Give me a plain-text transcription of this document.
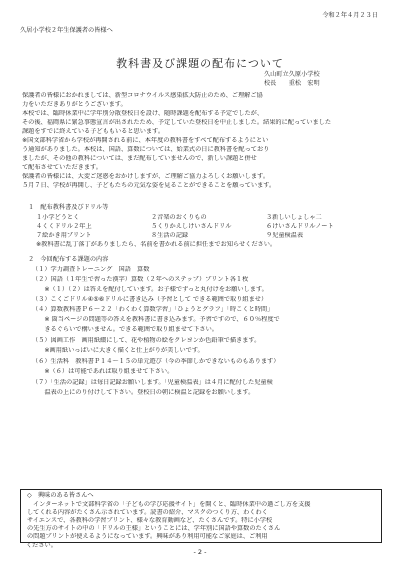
令和２年４月２３日
久居小学校２年生保護者の皆様へ
教科書及び課題の配布について
久山町立久原小学校
校長　　重松　宏明
保護者の皆様におかれましては、新型コロナウイルス感染拡大防止のため、ご理解ご協
力をいただきありがとうございます。
本校では、臨時休業中に学年別分散登校日を設け、随時課題を配布する予定でしたが、
その後、福岡県に緊急事態宣言が出されたため、予定していた登校日を中止しました。結果的に配っていました
課題をすでに終えている子どももいると思います。
※国文部科学省から学校が再開される前に、本年度の教科書をすべて配布するようにとい
う通知がありました。本校は、国語、算数については、始業式の日に教科書を配っており
ましたが、その他の教科については、まだ配布していませんので、新しい課題と併せ
て配布させていただきます。
保護者の皆様には、大変ご迷惑をおかけしますが、ご理解ご協力よろしくお願いします。
５月７日、学校が再開し、子どもたちの元気な姿を見ることができることを願っています。
１　配布教科書及びドリル等
１小学どうとく	２音楽のおくりもの	３新しいしょしゃ二
４くくドリル２年上	５くりかえしけいさんドリル	６けいさんドリルノート
７絵かき用プリント	８生活の記録	９児童検温表
※教科書に乱丁落丁がありましたら、名前を書かれる前に担任までお知らせください。
２　今回配布する課題の内容
（１）学力調査トレーニング　国語　算数
（２）国語（１年生で習った漢字）算数（２年へのステップ）プリント各１枚
　　※（１）（２）は答えを配付しています。お子様でずっと丸付けをお願いします。
（３）こくごドリル④⑤⑥ドリルに書き込み（予習として できる範囲で取り組ませ）
（４）算数教科書Ｐ６～２２「わくわく算数学習」「ひょうとグラフ」「時こくと時間」
　　※ 箇当ページの問題等の答えを教科書に書き込みます。予習ですので、６０％程度で
　　きるぐらいで構いません。できる範囲で取り組ませて下さい。
（５）図画工作　画用紙綴にして、花や植物の絵をクレヨンか色鉛筆で描きます。
　　※画用紙いっぱいに大きく描くと仕上がりが美しいです。
（６）生活科　教科書Ｐ１４～１５の単元遊び（今の季節しかできないものもあります）
　　※（６）は可能であれば取り組ませて下さい。
（７）「生活の記録」は毎日記録お願いします。「児童検温表」は４月に配付した児童検
　　温表の上にのり付けして下さい。登校日の朝に検温と記録をお願いします。
◇　興味のある皆さんへ
インターネットで文部科学省の「子どもの学び応援サイト」を開くと、臨時休業中の過ごし方を支援
してくれる内容がたくさん示されています。読書の紹介、マスクのつくり方、わくわく
サイエンスで、各教科の学習プリント、様々な教育動画など、たくさんです。特に小学校
の先生方のサイトの中の「ドリルの王様」ということには、学年別に国語や算数のたくさん
の問題プリントが使えるようになっています。興味があり利用可能なご家庭は、ご利用
ください。
- 2 -
